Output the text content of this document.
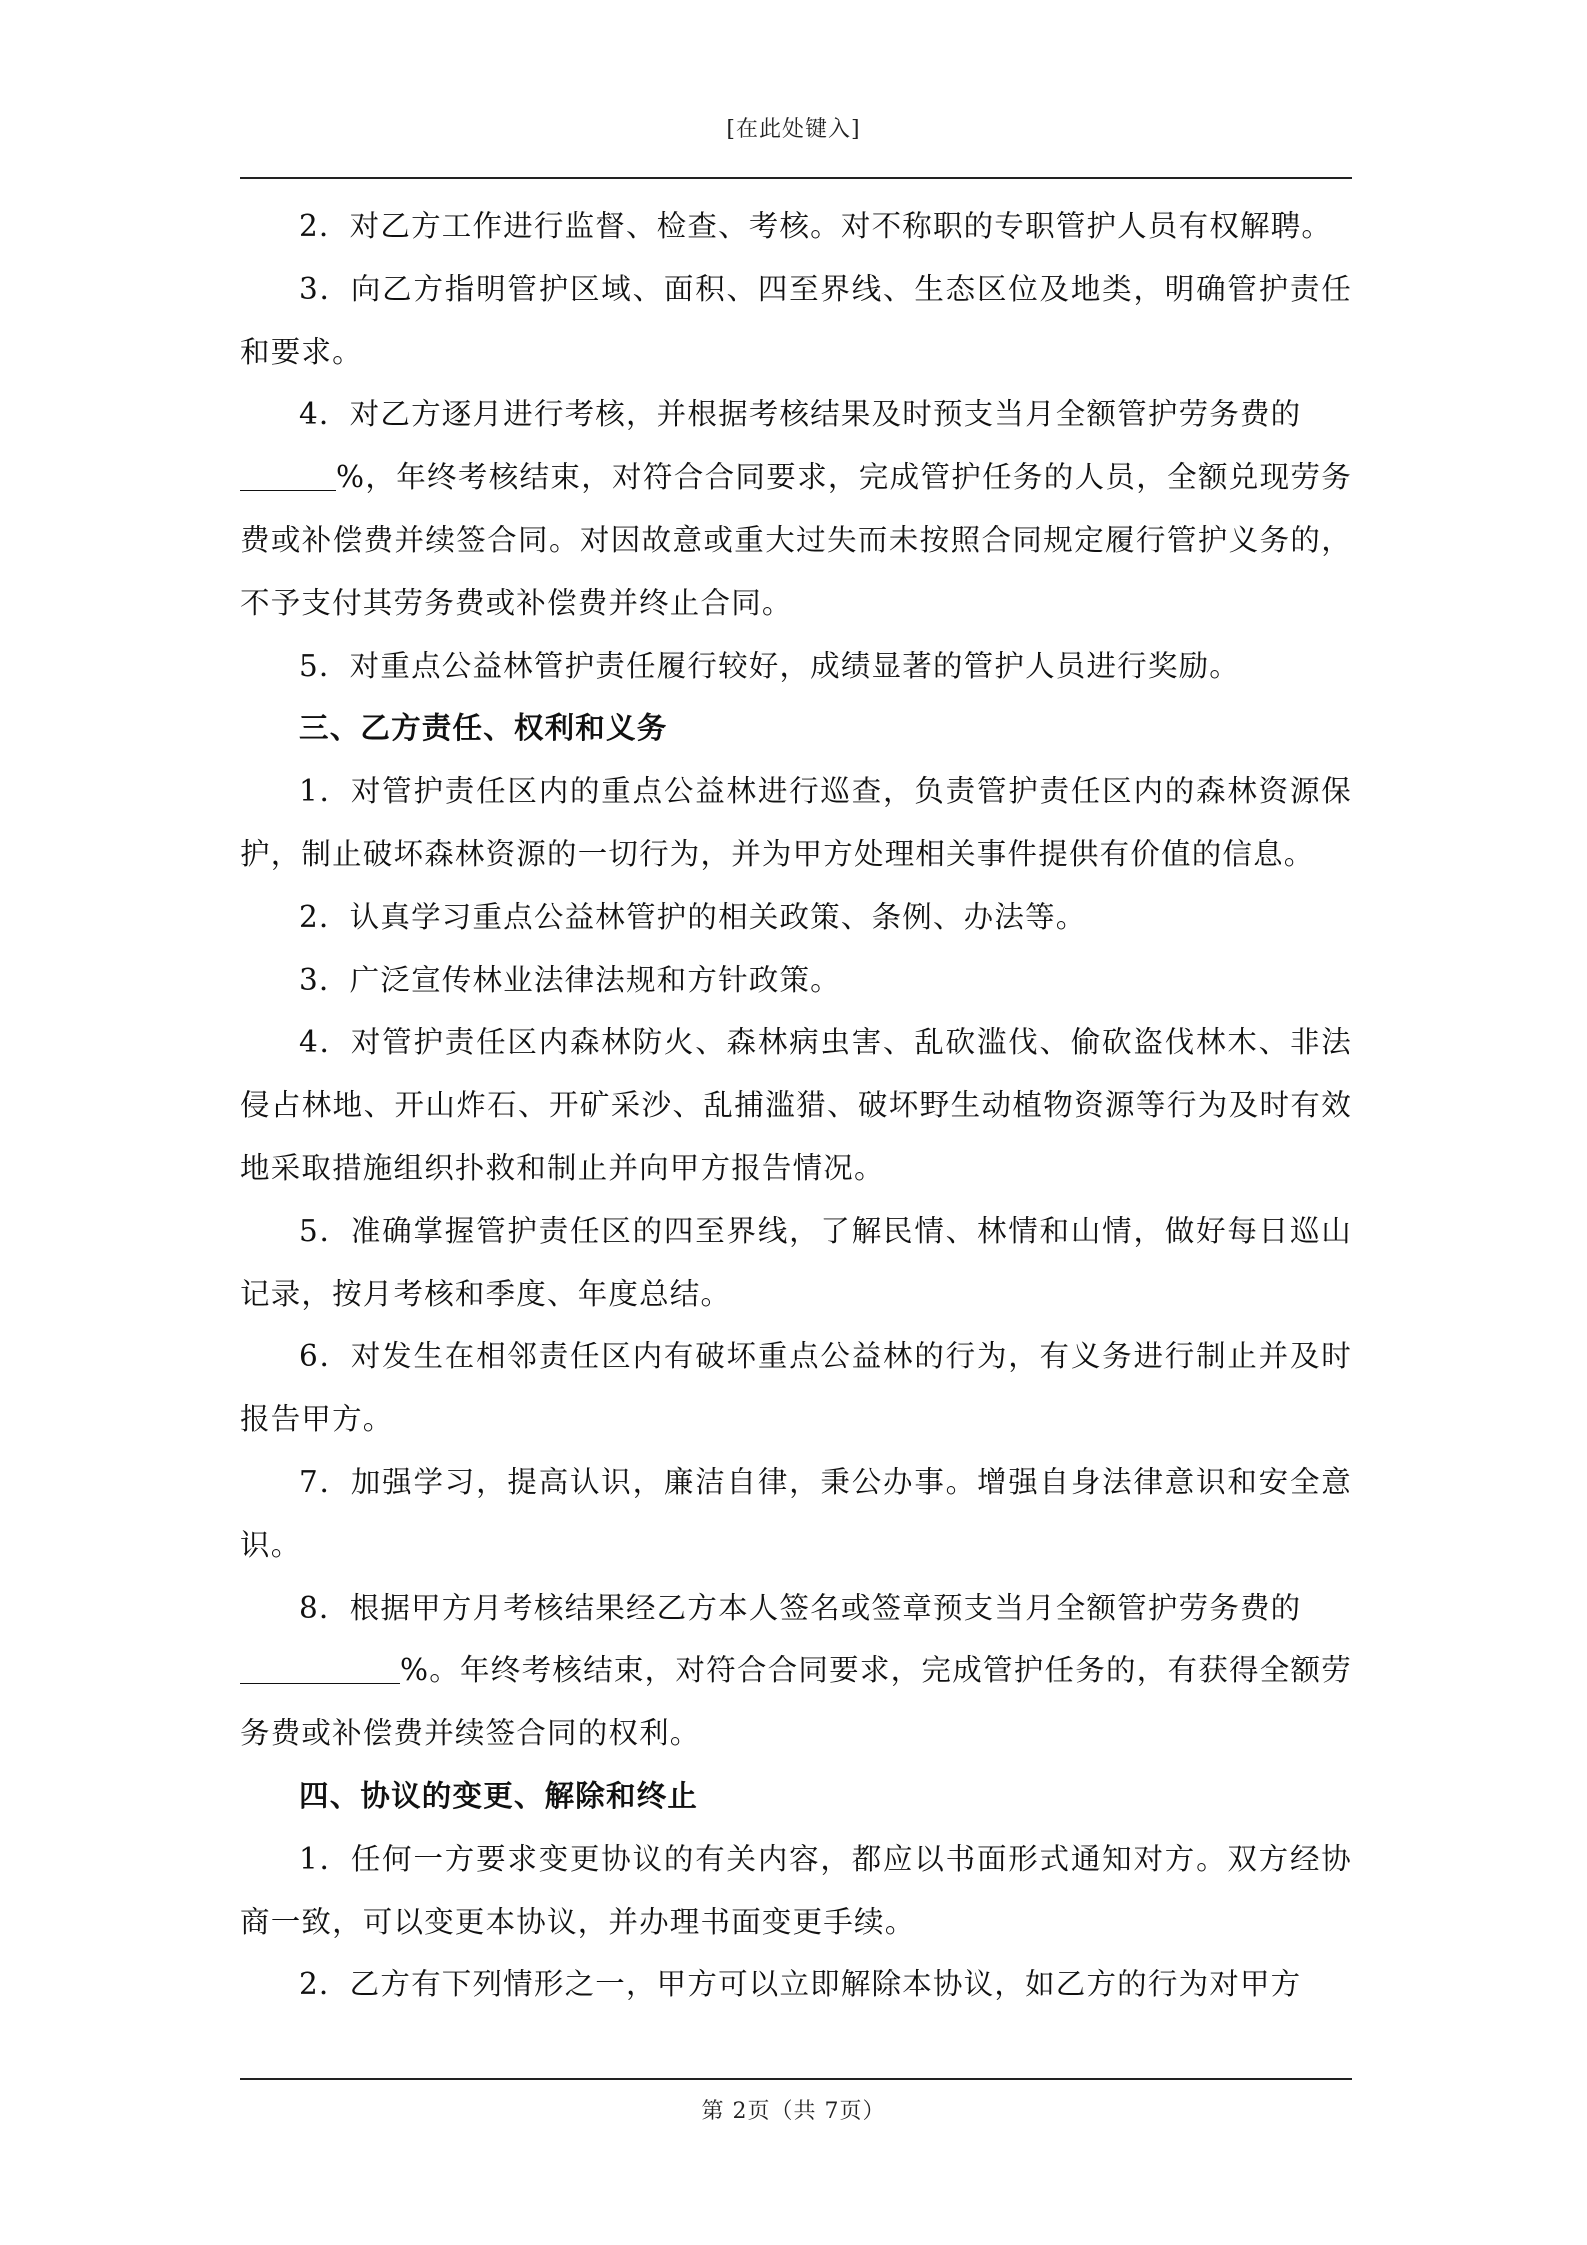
[在此处键入]

2．对乙方工作进行监督、检查、考核。对不称职的专职管护人员有权解聘。

3．向乙方指明管护区域、面积、四至界线、生态区位及地类，明确管护责任和要求。

4．对乙方逐月进行考核，并根据考核结果及时预支当月全额管护劳务费的
%，年终考核结束，对符合合同要求，完成管护任务的人员，全额兑现劳务费或补偿费并续签合同。对因故意或重大过失而未按照合同规定履行管护义务的，不予支付其劳务费或补偿费并终止合同。

5．对重点公益林管护责任履行较好，成绩显著的管护人员进行奖励。

三、乙方责任、权利和义务

1．对管护责任区内的重点公益林进行巡查，负责管护责任区内的森林资源保护，制止破坏森林资源的一切行为，并为甲方处理相关事件提供有价值的信息。

2．认真学习重点公益林管护的相关政策、条例、办法等。

3．广泛宣传林业法律法规和方针政策。

4．对管护责任区内森林防火、森林病虫害、乱砍滥伐、偷砍盗伐林木、非法侵占林地、开山炸石、开矿采沙、乱捕滥猎、破坏野生动植物资源等行为及时有效地采取措施组织扑救和制止并向甲方报告情况。

5．准确掌握管护责任区的四至界线，了解民情、林情和山情，做好每日巡山记录，按月考核和季度、年度总结。

6．对发生在相邻责任区内有破坏重点公益林的行为，有义务进行制止并及时报告甲方。

7．加强学习，提高认识，廉洁自律，秉公办事。增强自身法律意识和安全意识。

8．根据甲方月考核结果经乙方本人签名或签章预支当月全额管护劳务费的
%。年终考核结束，对符合合同要求，完成管护任务的，有获得全额劳务费或补偿费并续签合同的权利。

四、协议的变更、解除和终止

1．任何一方要求变更协议的有关内容，都应以书面形式通知对方。双方经协商一致，可以变更本协议，并办理书面变更手续。

2．乙方有下列情形之一，甲方可以立即解除本协议，如乙方的行为对甲方

第 2页（共 7页）
